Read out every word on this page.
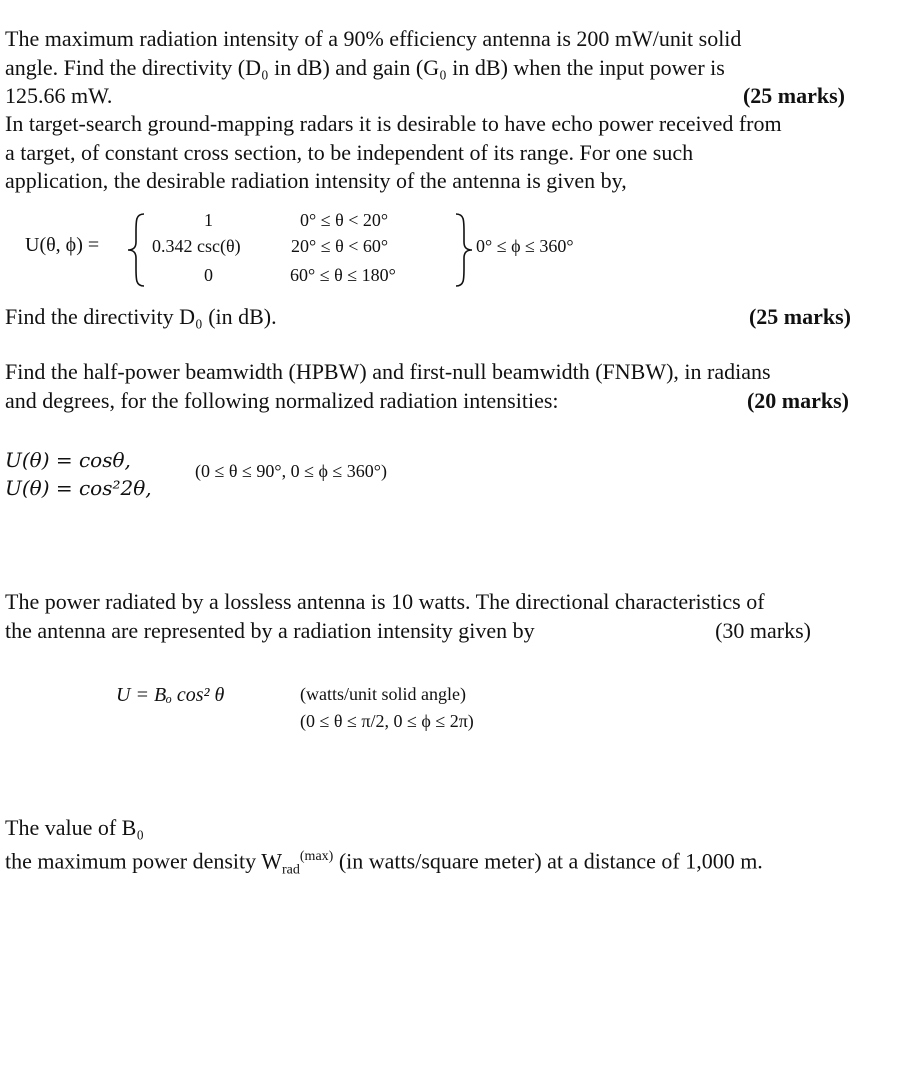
The maximum radiation intensity of a 90% efficiency antenna is 200 mW/unit solid
angle. Find the directivity (D₀ in dB) and gain (G₀ in dB) when the input power is
125.66 mW.	(25 marks)
In target-search ground-mapping radars it is desirable to have echo power received from
a target, of constant cross section, to be independent of its range. For one such
application, the desirable radiation intensity of the antenna is given by,
U(θ, ϕ) =
1	0° ≤ θ < 20°
0.342 csc(θ)	20° ≤ θ < 60°
0	60° ≤ θ ≤ 180°
0° ≤ ϕ ≤ 360°
Find the directivity D₀ (in dB).	(25 marks)
Find the half-power beamwidth (HPBW) and first-null beamwidth (FNBW), in radians
and degrees, for the following normalized radiation intensities:	(20 marks)
U(θ) = cosθ,
U(θ) = cos²2θ,
(0 ≤ θ ≤ 90°, 0 ≤ ϕ ≤ 360°)
The power radiated by a lossless antenna is 10 watts. The directional characteristics of
the antenna are represented by a radiation intensity given by	(30 marks)
U = Bₒ cos² θ	(watts/unit solid angle)
(0 ≤ θ ≤ π/2, 0 ≤ ϕ ≤ 2π)
The value of B₀
the maximum power density $W_{rad}^{(max)}$ (in watts/square meter) at a distance of 1,000 m.
